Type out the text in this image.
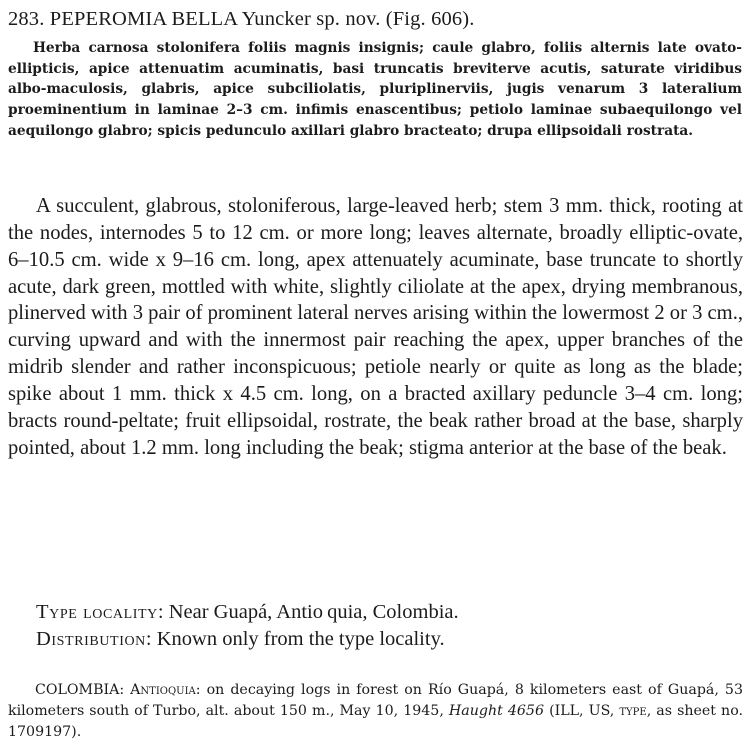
283. PEPEROMIA BELLA Yuncker sp. nov. (Fig. 606).
Herba carnosa stolonifera foliis magnis insignis; caule glabro, foliis alternis late ovato-ellipticis, apice attenuatim acuminatis, basi truncatis breviterve acutis, saturate viridibus albo-maculosis, glabris, apice subciliolatis, pluriplinerviis, jugis venarum 3 lateralium proeminentium in laminae 2–3 cm. infimis enascentibus; petiolo laminae subaequilongo vel aequilongo glabro; spicis pedunculo axillari glabro bracteato; drupa ellipsoidali rostrata.
A succulent, glabrous, stoloniferous, large-leaved herb; stem 3 mm. thick, rooting at the nodes, internodes 5 to 12 cm. or more long; leaves alternate, broadly elliptic-ovate, 6–10.5 cm. wide x 9–16 cm. long, apex attenuately acuminate, base truncate to shortly acute, dark green, mottled with white, slightly ciliolate at the apex, drying membranous, plinerved with 3 pair of prominent lateral nerves arising within the lowermost 2 or 3 cm., curving upward and with the innermost pair reaching the apex, upper branches of the midrib slender and rather inconspicuous; petiole nearly or quite as long as the blade; spike about 1 mm. thick x 4.5 cm. long, on a bracted axillary peduncle 3–4 cm. long; bracts round-peltate; fruit ellipsoidal, rostrate, the beak rather broad at the base, sharply pointed, about 1.2 mm. long including the beak; stigma anterior at the base of the beak.
Type locality: Near Guapá, Antio quia, Colombia.
Distribution: Known only from the type locality.
COLOMBIA: Antioquia: on decaying logs in forest on Río Guapá, 8 kilometers east of Guapá, 53 kilometers south of Turbo, alt. about 150 m., May 10, 1945, Haught 4656 (ILL, US, type, as sheet no. 1709197).
